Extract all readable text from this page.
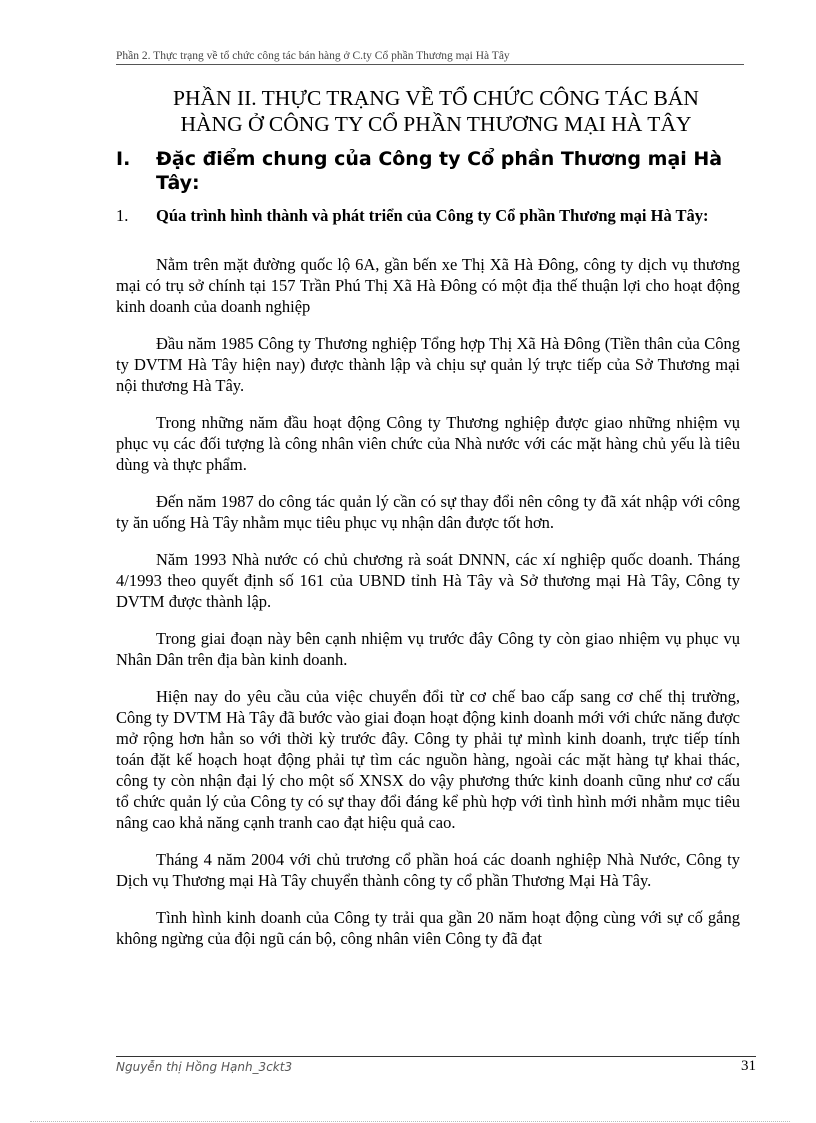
Phần 2. Thực trạng về tổ chức công tác bán hàng ở C.ty Cổ phần Thương mại Hà Tây
PHẦN II. THỰC TRẠNG VỀ TỔ CHỨC CÔNG TÁC BÁN
HÀNG Ở CÔNG TY CỔ PHẦN THƯƠNG MẠI HÀ TÂY
I. Đặc điểm chung của Công ty Cổ phần Thương mại Hà Tây:
1. Qúa trình hình thành và phát triển của Công ty Cổ phần Thương mại Hà Tây:

Nằm trên mặt đường quốc lộ 6A, gần bến xe Thị Xã Hà Đông, công ty dịch vụ thương mại có trụ sở chính tại 157 Trần Phú Thị Xã Hà Đông có một địa thế thuận lợi cho hoạt động kinh doanh của doanh nghiệp

Đầu năm 1985 Công ty Thương nghiệp Tổng hợp Thị Xã Hà Đông (Tiền thân của Công ty DVTM Hà Tây hiện nay) được thành lập và chịu sự quản lý trực tiếp của Sở Thương mại nội thương Hà Tây.

Trong những năm đầu hoạt động Công ty Thương nghiệp được giao những nhiệm vụ phục vụ các đối tượng là công nhân viên chức của Nhà nước với các mặt hàng chủ yếu là tiêu dùng và thực phẩm.

Đến năm 1987 do công tác quản lý cần có sự thay đổi nên công ty đã xát nhập với công ty ăn uống Hà Tây nhằm mục tiêu phục vụ nhận dân được tốt hơn.

Năm 1993 Nhà nước có chủ chương rà soát DNNN, các xí nghiệp quốc doanh. Tháng 4/1993 theo quyết định số 161 của UBND tỉnh Hà Tây và Sở thương mại Hà Tây, Công ty DVTM được thành lập.

Trong giai đoạn này bên cạnh nhiệm vụ trước đây Công ty còn giao nhiệm vụ phục vụ Nhân Dân trên địa bàn kinh doanh.

Hiện nay do yêu cầu của việc chuyển đổi từ cơ chế bao cấp sang cơ chế thị trường, Công ty DVTM Hà Tây đã bước vào giai đoạn hoạt động kinh doanh mới với chức năng được mở rộng hơn hẳn so với thời kỳ trước đây. Công ty phải tự mình kinh doanh, trực tiếp tính toán đặt kế hoạch hoạt động phải tự tìm các nguồn hàng, ngoài các mặt hàng tự khai thác, công ty còn nhận đại lý cho một số XNSX do vậy phương thức kinh doanh cũng như cơ cấu tổ chức quản lý của Công ty có sự thay đổi đáng kể phù hợp với tình hình mới nhằm mục tiêu nâng cao khả năng cạnh tranh cao đạt hiệu quả cao.

Tháng 4 năm 2004 với chủ trương cổ phần hoá các doanh nghiệp Nhà Nước, Công ty Dịch vụ Thương mại Hà Tây chuyển thành công ty cổ phần Thương Mại Hà Tây.

Tình hình kinh doanh của Công ty trải qua gần 20 năm hoạt động cùng với sự cố gắng không ngừng của đội ngũ cán bộ, công nhân viên Công ty đã đạt

Nguyễn thị Hồng Hạnh_3ckt3	31
